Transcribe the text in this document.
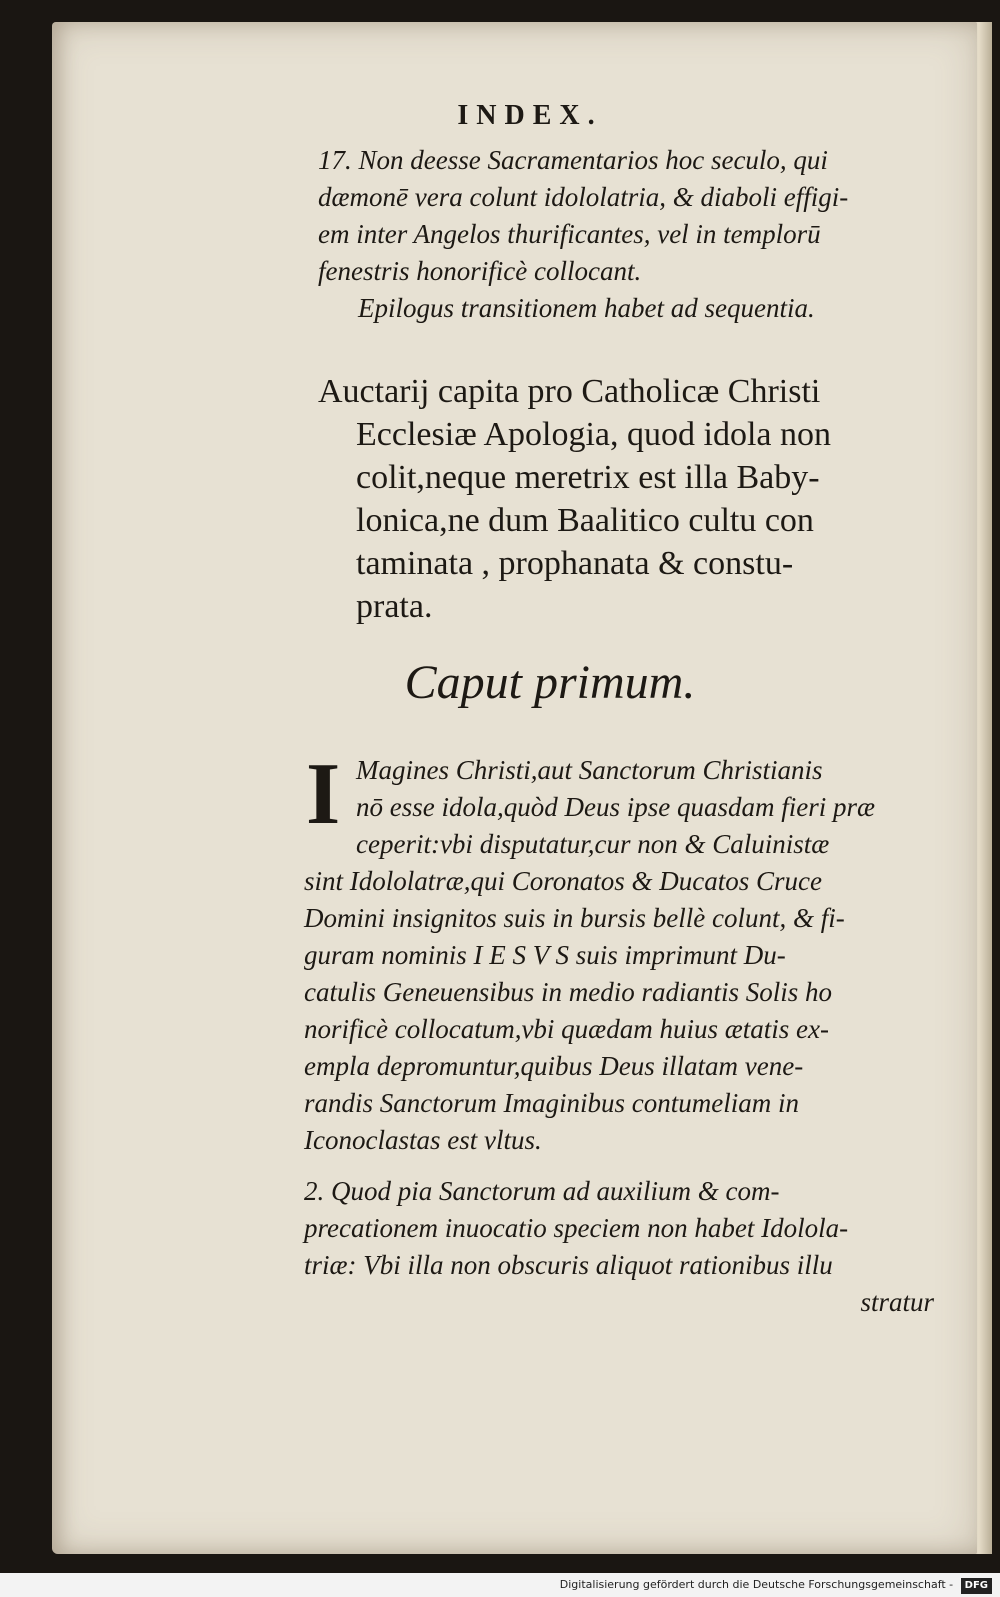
INDEX.
17. Non deesse Sacramentarios hoc seculo, qui
dæmonē vera colunt idololatria, & diaboli effigi-
em inter Angelos thurificantes, vel in templorū
fenestris honorificè collocant.
Epilogus transitionem habet ad sequentia.
Auctarij capita pro Catholicæ Christi
Ecclesiæ Apologia, quod idola non
colit,neque meretrix est illa Baby-
lonica,ne dum Baalitico cultu con
taminata , prophanata & constu-
prata.
Caput primum.
I Magines Christi,aut Sanctorum Christianis
nō esse idola,quòd Deus ipse quasdam fieri præ
ceperit:vbi disputatur,cur non & Caluinistæ
sint Idololatræ,qui Coronatos & Ducatos Cruce
Domini insignitos suis in bursis bellè colunt, & fi-
guram nominis I E S V S suis imprimunt Du-
catulis Geneuensibus in medio radiantis Solis ho
norificè collocatum,vbi quædam huius ætatis ex-
empla depromuntur,quibus Deus illatam vene-
randis Sanctorum Imaginibus contumeliam in
Iconoclastas est vltus.
2. Quod pia Sanctorum ad auxilium & com-
precationem inuocatio speciem non habet Idolola-
triæ: Vbi illa non obscuris aliquot rationibus illu
stratur
Digitalisierung gefördert durch die Deutsche Forschungsgemeinschaft - DFG
